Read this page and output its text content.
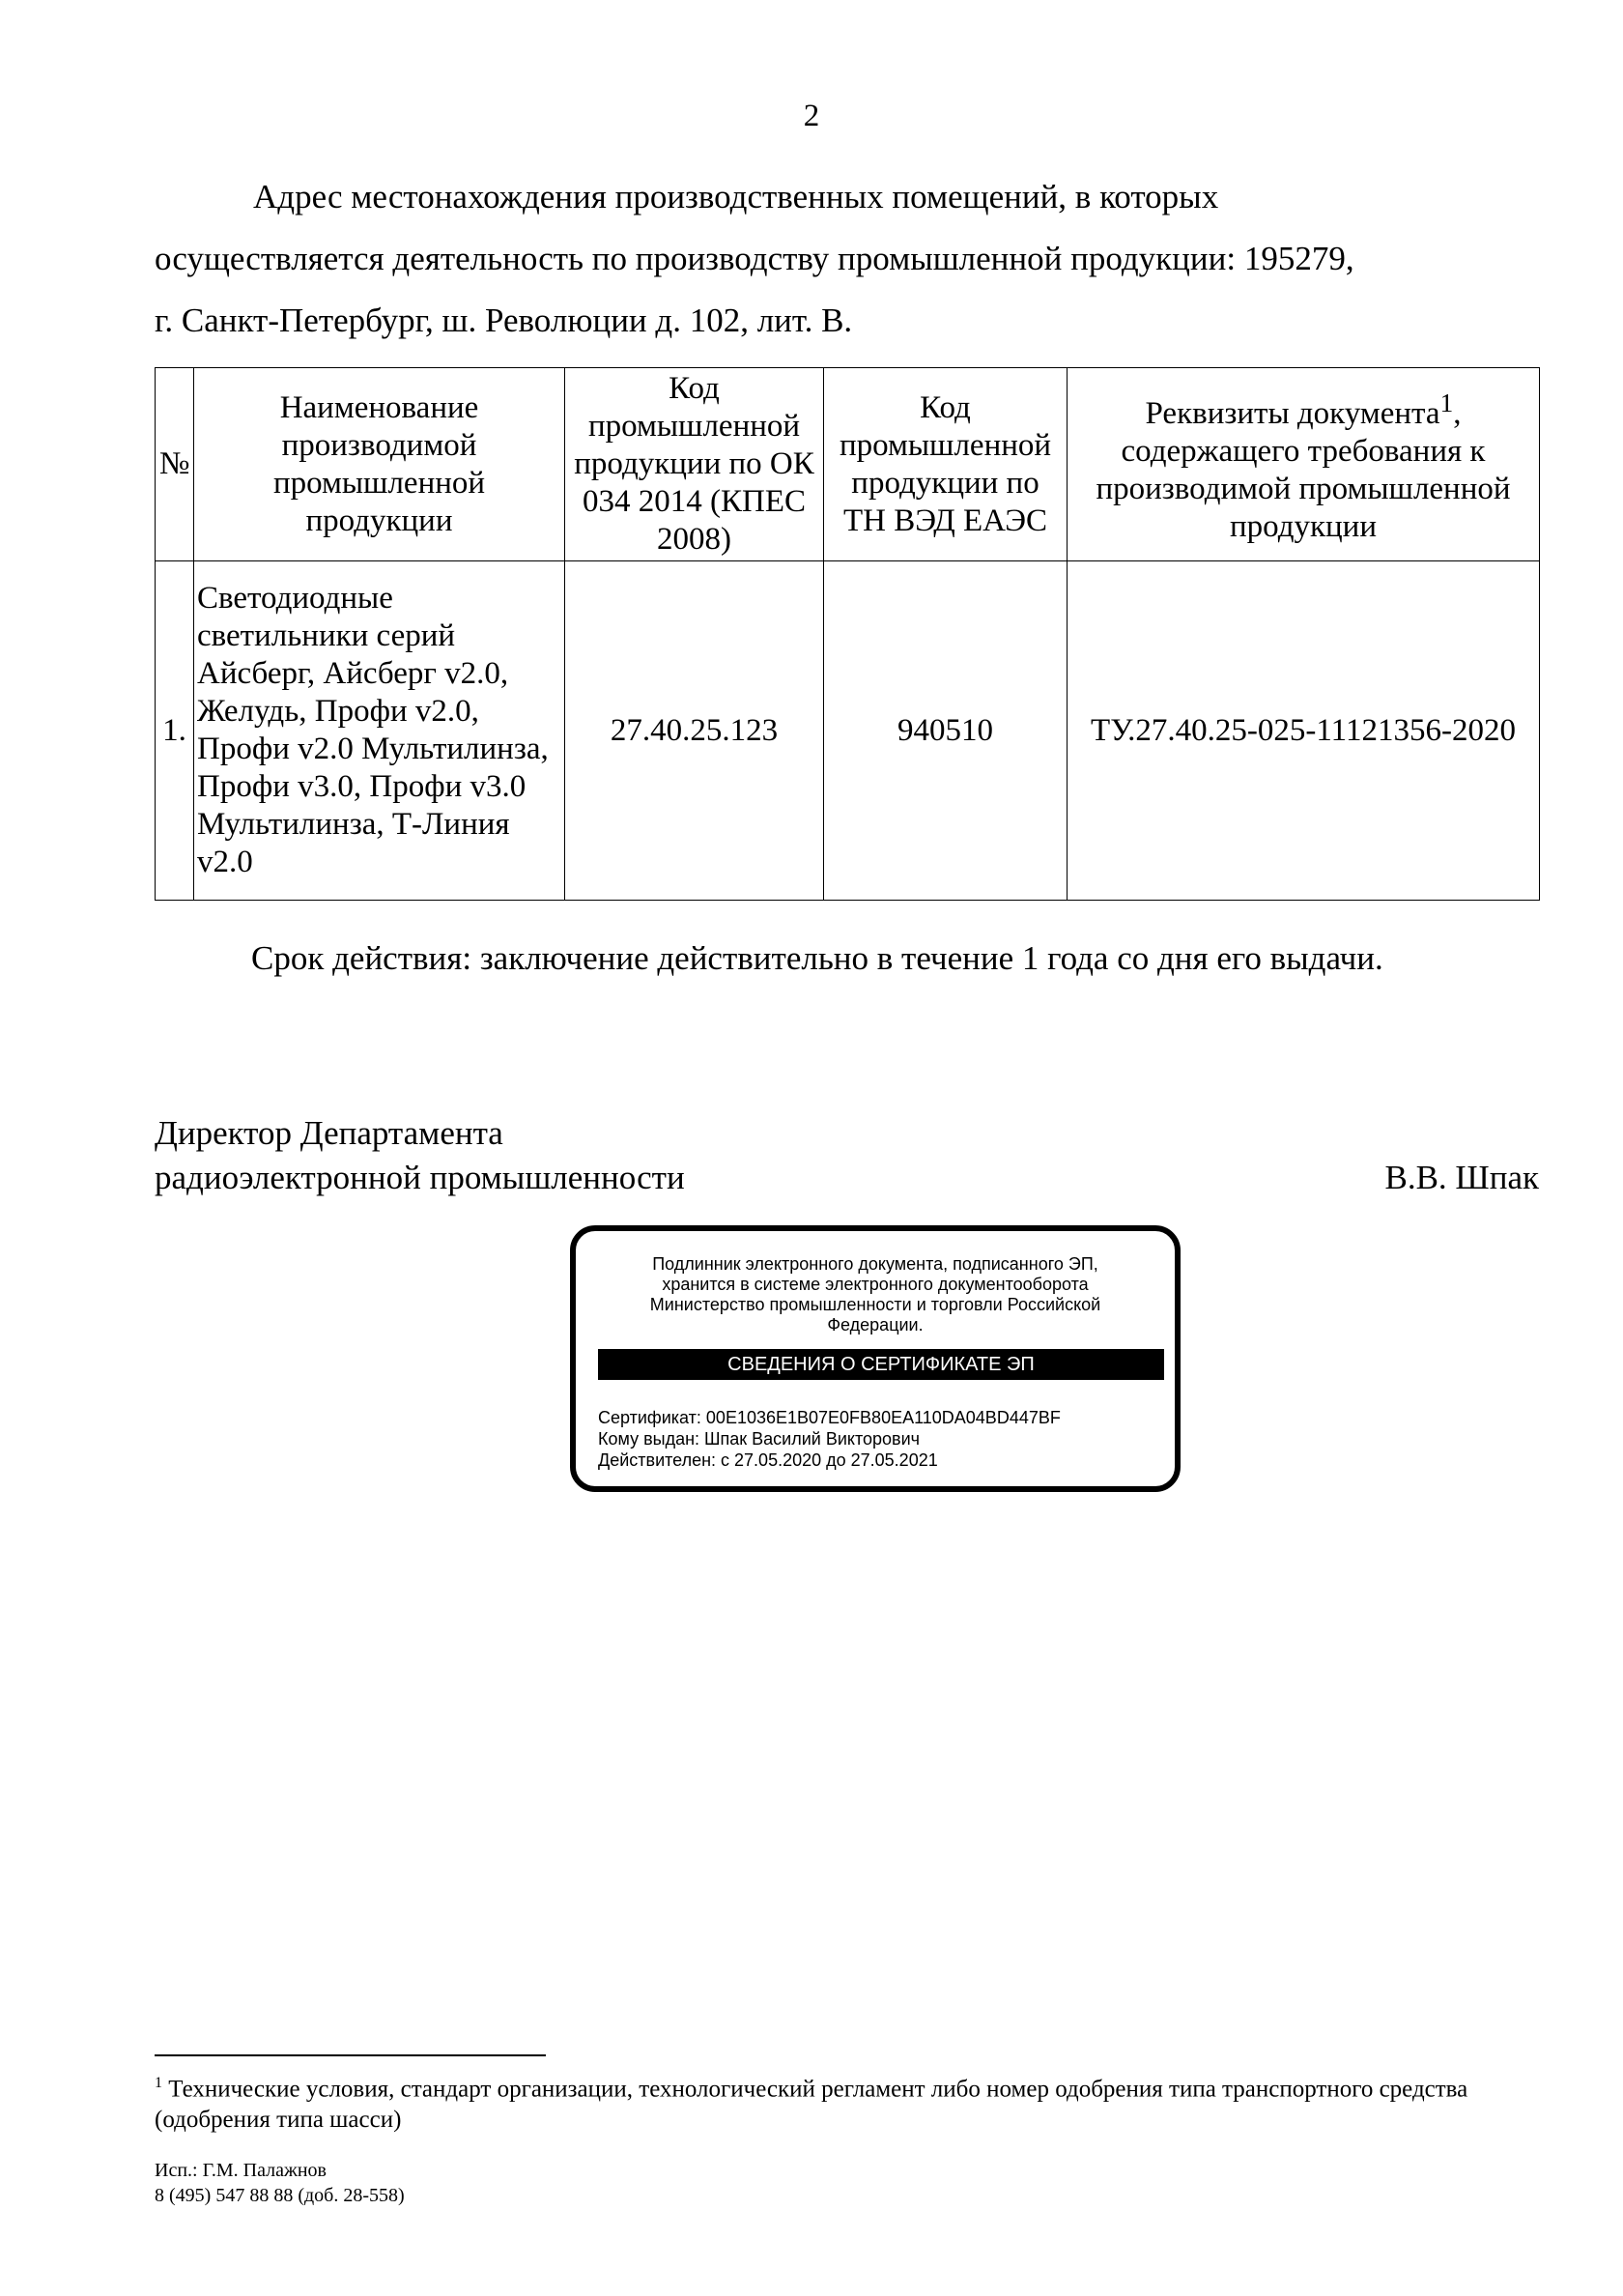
2
Адрес местонахождения производственных помещений, в которых
осуществляется деятельность по производству промышленной продукции: 195279,
г. Санкт-Петербург, ш. Революции д. 102, лит. В.
№	Наименование производимой промышленной продукции	Код промышленной продукции по ОК 034 2014 (КПЕС 2008)	Код промышленной продукции по ТН ВЭД ЕАЭС	Реквизиты документа$^1$, содержащего требования к производимой промышленной продукции
1.	Светодиодные светильники серий Айсберг, Айсберг v2.0, Желудь, Профи v2.0, Профи v2.0 Мультилинза, Профи v3.0, Профи v3.0 Мультилинза, Т-Линия v2.0	27.40.25.123	940510	ТУ.27.40.25-025-11121356-2020
Срок действия: заключение действительно в течение 1 года со дня его выдачи.
Директор Департамента
радиоэлектронной промышленности	В.В. Шпак
Подлинник электронного документа, подписанного ЭП, хранится в системе электронного документооборота Министерство промышленности и торговли Российской Федерации.
СВЕДЕНИЯ О СЕРТИФИКАТЕ ЭП
Сертификат: 00E1036E1B07E0FB80EA110DA04BD447BF
Кому выдан: Шпак Василий Викторович
Действителен: с 27.05.2020 до 27.05.2021
$^1$ Технические условия, стандарт организации, технологический регламент либо номер одобрения типа транспортного средства (одобрения типа шасси)
Исп.: Г.М. Палажнов
8 (495) 547 88 88 (доб. 28-558)
